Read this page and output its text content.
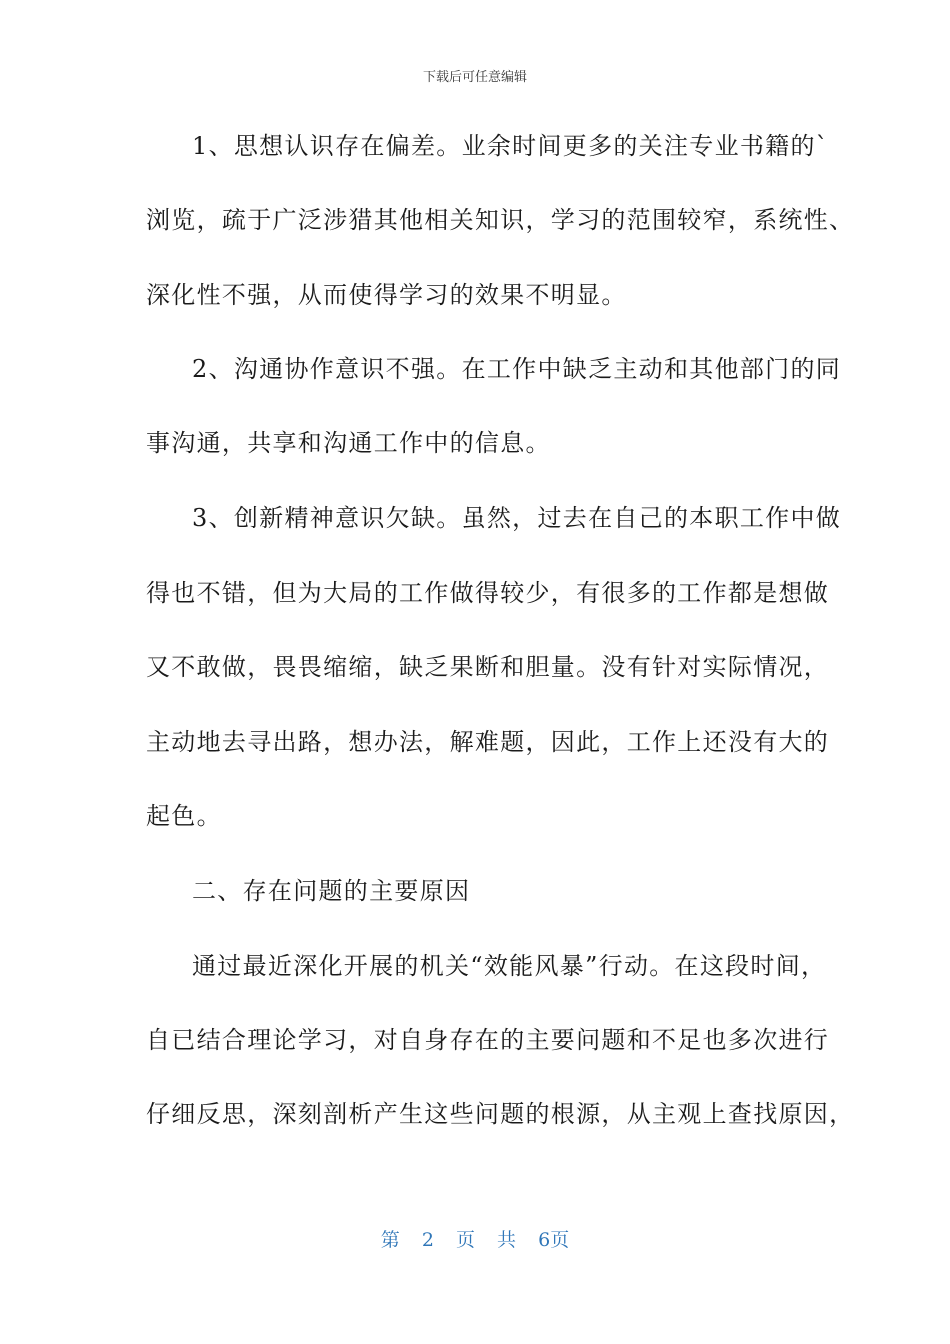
下载后可任意编辑
1、思想认识存在偏差。业余时间更多的关注专业书籍的`
浏览，疏于广泛涉猎其他相关知识，学习的范围较窄，系统性、
深化性不强，从而使得学习的效果不明显。
2、沟通协作意识不强。在工作中缺乏主动和其他部门的同
事沟通，共享和沟通工作中的信息。
3、创新精神意识欠缺。虽然，过去在自己的本职工作中做
得也不错，但为大局的工作做得较少，有很多的工作都是想做
又不敢做，畏畏缩缩，缺乏果断和胆量。没有针对实际情况，
主动地去寻出路，想办法，解难题，因此，工作上还没有大的
起色。
二、存在问题的主要原因
通过最近深化开展的机关“效能风暴”行动。在这段时间，
自已结合理论学习，对自身存在的主要问题和不足也多次进行
仔细反思，深刻剖析产生这些问题的根源，从主观上查找原因，
第 2 页 共 6页
